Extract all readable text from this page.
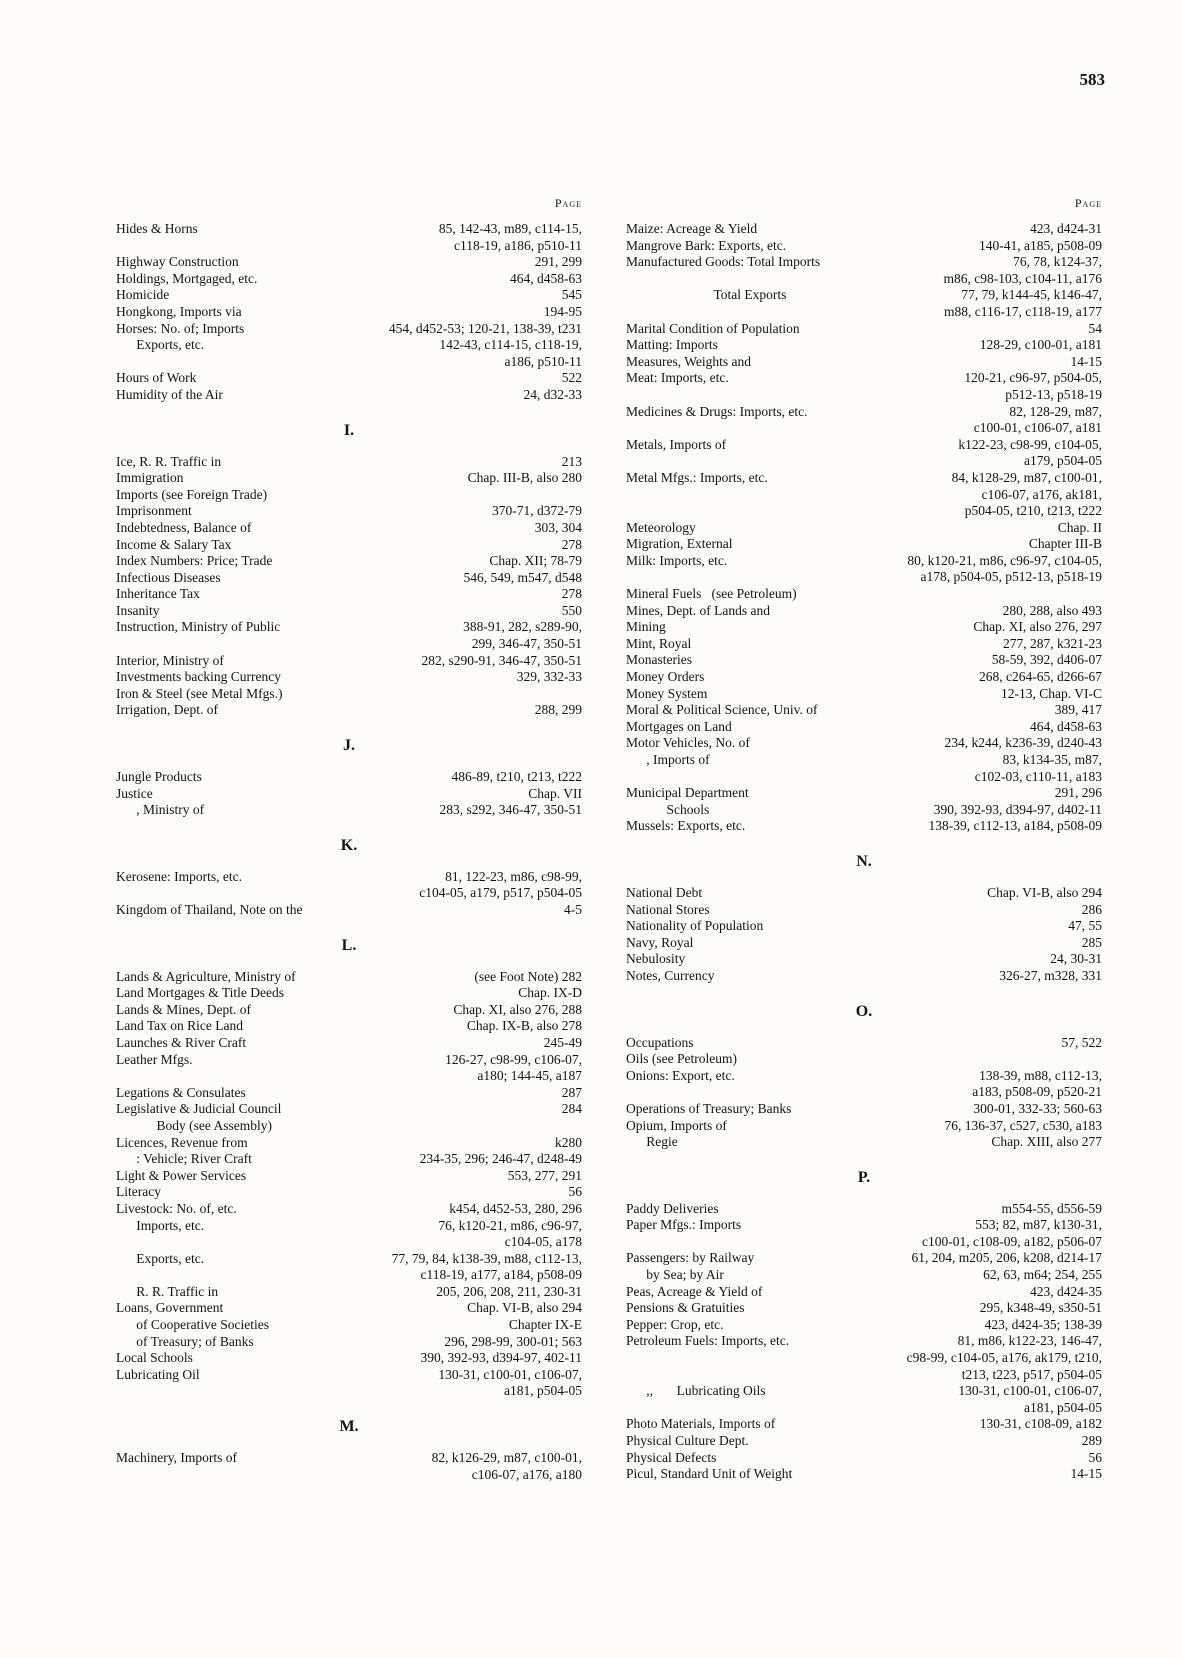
583
Page
Hides & Horns	85, 142-43, m89, c114-15,
c118-19, a186, p510-11
Highway Construction	291, 299
Holdings, Mortgaged, etc.	464, d458-63
Homicide	545
Hongkong, Imports via	194-95
Horses: No. of; Imports	454, d452-53; 120-21, 138-39, t231
Exports, etc.	142-43, c114-15, c118-19,
a186, p510-11
Hours of Work	522
Humidity of the Air	24, d32-33
I.
Ice, R. R. Traffic in	213
Immigration	Chap. III-B, also 280
Imports (see Foreign Trade)
Imprisonment	370-71, d372-79
Indebtedness, Balance of	303, 304
Income & Salary Tax	278
Index Numbers: Price; Trade	Chap. XII; 78-79
Infectious Diseases	546, 549, m547, d548
Inheritance Tax	278
Insanity	550
Instruction, Ministry of Public	388-91, 282, s289-90,
299, 346-47, 350-51
Interior, Ministry of	282, s290-91, 346-47, 350-51
Investments backing Currency	329, 332-33
Iron & Steel (see Metal Mfgs.)
Irrigation, Dept. of	288, 299
J.
Jungle Products	486-89, t210, t213, t222
Justice	Chap. VII
, Ministry of	283, s292, 346-47, 350-51
K.
Kerosene: Imports, etc.	81, 122-23, m86, c98-99,
c104-05, a179, p517, p504-05
Kingdom of Thailand, Note on the	4-5
L.
Lands & Agriculture, Ministry of	(see Foot Note) 282
Land Mortgages & Title Deeds	Chap. IX-D
Lands & Mines, Dept. of	Chap. XI, also 276, 288
Land Tax on Rice Land	Chap. IX-B, also 278
Launches & River Craft	245-49
Leather Mfgs.	126-27, c98-99, c106-07,
a180; 144-45, a187
Legations & Consulates	287
Legislative & Judicial Council	284
Body (see Assembly)
Licences, Revenue from	k280
: Vehicle; River Craft	234-35, 296; 246-47, d248-49
Light & Power Services	553, 277, 291
Literacy	56
Livestock: No. of, etc.	k454, d452-53, 280, 296
Imports, etc.	76, k120-21, m86, c96-97,
c104-05, a178
Exports, etc.	77, 79, 84, k138-39, m88, c112-13,
c118-19, a177, a184, p508-09
R. R. Traffic in	205, 206, 208, 211, 230-31
Loans, Government	Chap. VI-B, also 294
of Cooperative Societies	Chapter IX-E
of Treasury; of Banks	296, 298-99, 300-01; 563
Local Schools	390, 392-93, d394-97, 402-11
Lubricating Oil	130-31, c100-01, c106-07,
a181, p504-05
M.
Machinery, Imports of	82, k126-29, m87, c100-01,
c106-07, a176, a180
Page
Maize: Acreage & Yield	423, d424-31
Mangrove Bark: Exports, etc.	140-41, a185, p508-09
Manufactured Goods: Total Imports	76, 78, k124-37,
m86, c98-103, c104-11, a176
Total Exports	77, 79, k144-45, k146-47,
m88, c116-17, c118-19, a177
Marital Condition of Population	54
Matting: Imports	128-29, c100-01, a181
Measures, Weights and	14-15
Meat: Imports, etc.	120-21, c96-97, p504-05,
p512-13, p518-19
Medicines & Drugs: Imports, etc.	82, 128-29, m87,
c100-01, c106-07, a181
Metals, Imports of	k122-23, c98-99, c104-05,
a179, p504-05
Metal Mfgs.: Imports, etc.	84, k128-29, m87, c100-01,
c106-07, a176, ak181,
p504-05, t210, t213, t222
Meteorology	Chap. II
Migration, External	Chapter III-B
Milk: Imports, etc.	80, k120-21, m86, c96-97, c104-05,
a178, p504-05, p512-13, p518-19
Mineral Fuels   (see Petroleum)
Mines, Dept. of Lands and	280, 288, also 493
Mining	Chap. XI, also 276, 297
Mint, Royal	277, 287, k321-23
Monasteries	58-59, 392, d406-07
Money Orders	268, c264-65, d266-67
Money System	12-13, Chap. VI-C
Moral & Political Science, Univ. of	389, 417
Mortgages on Land	464, d458-63
Motor Vehicles, No. of	234, k244, k236-39, d240-43
, Imports of	83, k134-35, m87,
c102-03, c110-11, a183
Municipal Department	291, 296
Schools	390, 392-93, d394-97, d402-11
Mussels: Exports, etc.	138-39, c112-13, a184, p508-09
N.
National Debt	Chap. VI-B, also 294
National Stores	286
Nationality of Population	47, 55
Navy, Royal	285
Nebulosity	24, 30-31
Notes, Currency	326-27, m328, 331
O.
Occupations	57, 522
Oils (see Petroleum)
Onions: Export, etc.	138-39, m88, c112-13,
a183, p508-09, p520-21
Operations of Treasury; Banks	300-01, 332-33; 560-63
Opium, Imports of	76, 136-37, c527, c530, a183
Regie	Chap. XIII, also 277
P.
Paddy Deliveries	m554-55, d556-59
Paper Mfgs.: Imports	553; 82, m87, k130-31,
c100-01, c108-09, a182, p506-07
Passengers: by Railway	61, 204, m205, 206, k208, d214-17
by Sea; by Air	62, 63, m64; 254, 255
Peas, Acreage & Yield of	423, d424-35
Pensions & Gratuities	295, k348-49, s350-51
Pepper: Crop, etc.	423, d424-35; 138-39
Petroleum Fuels: Imports, etc.	81, m86, k122-23, 146-47,
c98-99, c104-05, a176, ak179, t210,
t213, t223, p517, p504-05
,,       Lubricating Oils	130-31, c100-01, c106-07,
a181, p504-05
Photo Materials, Imports of	130-31, c108-09, a182
Physical Culture Dept.	289
Physical Defects	56
Picul, Standard Unit of Weight	14-15
